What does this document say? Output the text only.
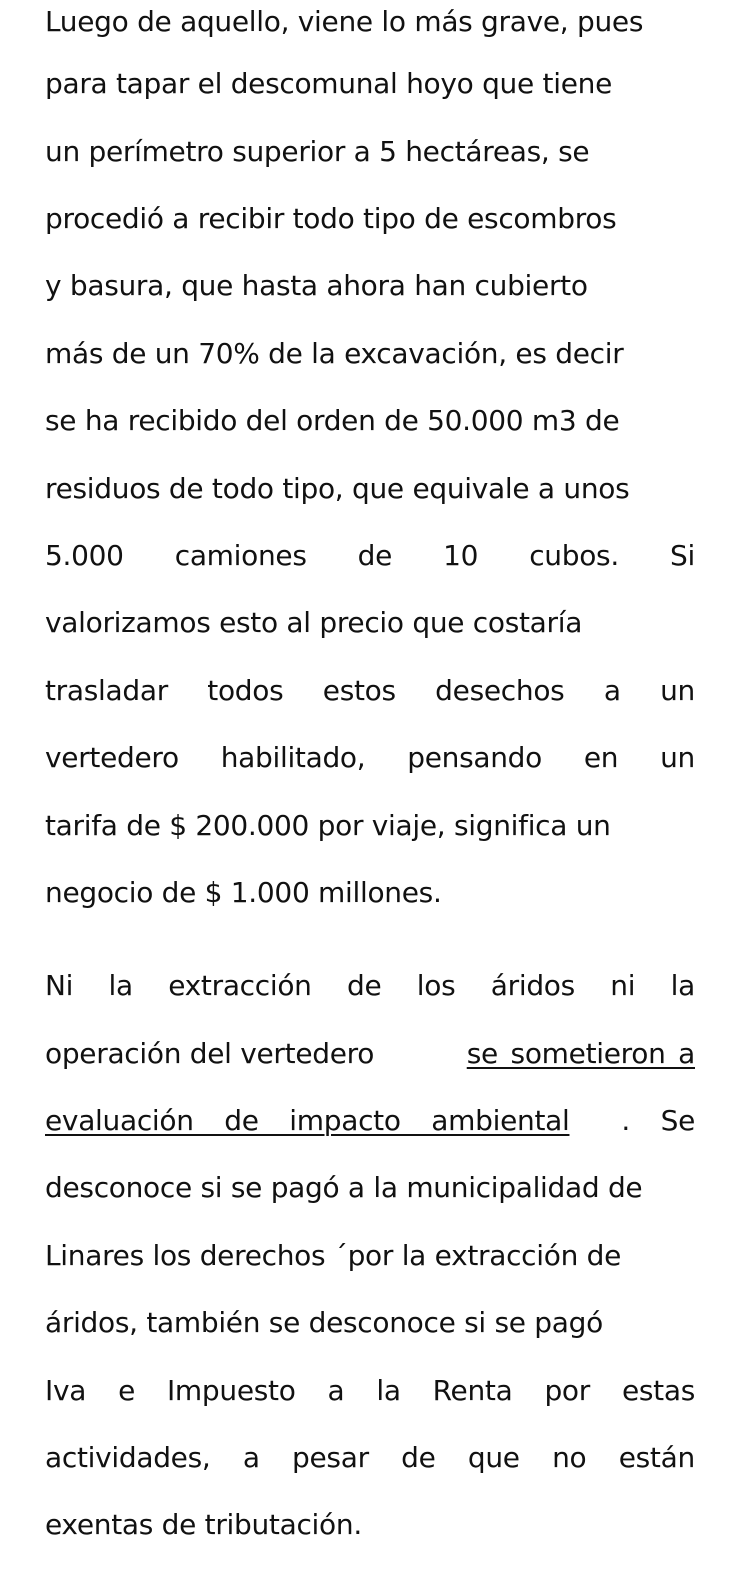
Luego de aquello, viene lo más grave, pues
para tapar el descomunal hoyo que tiene
un perímetro superior a 5 hectáreas, se
procedió a recibir todo tipo de escombros
y basura, que hasta ahora han cubierto
más de un 70% de la excavación, es decir
se ha recibido del orden de 50.000 m3 de
residuos de todo tipo, que equivale a unos
5.000 camiones de 10 cubos. Si
valorizamos esto al precio que costaría
trasladar todos estos desechos a un
vertedero habilitado, pensando en un
tarifa de $ 200.000 por viaje, significa un
negocio de $ 1.000 millones.
Ni la extracción de los áridos ni la
operación del vertedero	se sometieron a
evaluación de impacto ambiental . Se
desconoce si se pagó a la municipalidad de
Linares los derechos ´por la extracción de
áridos, también se desconoce si se pagó
Iva e Impuesto a la Renta por estas
actividades, a pesar de que no están
exentas de tributación.
